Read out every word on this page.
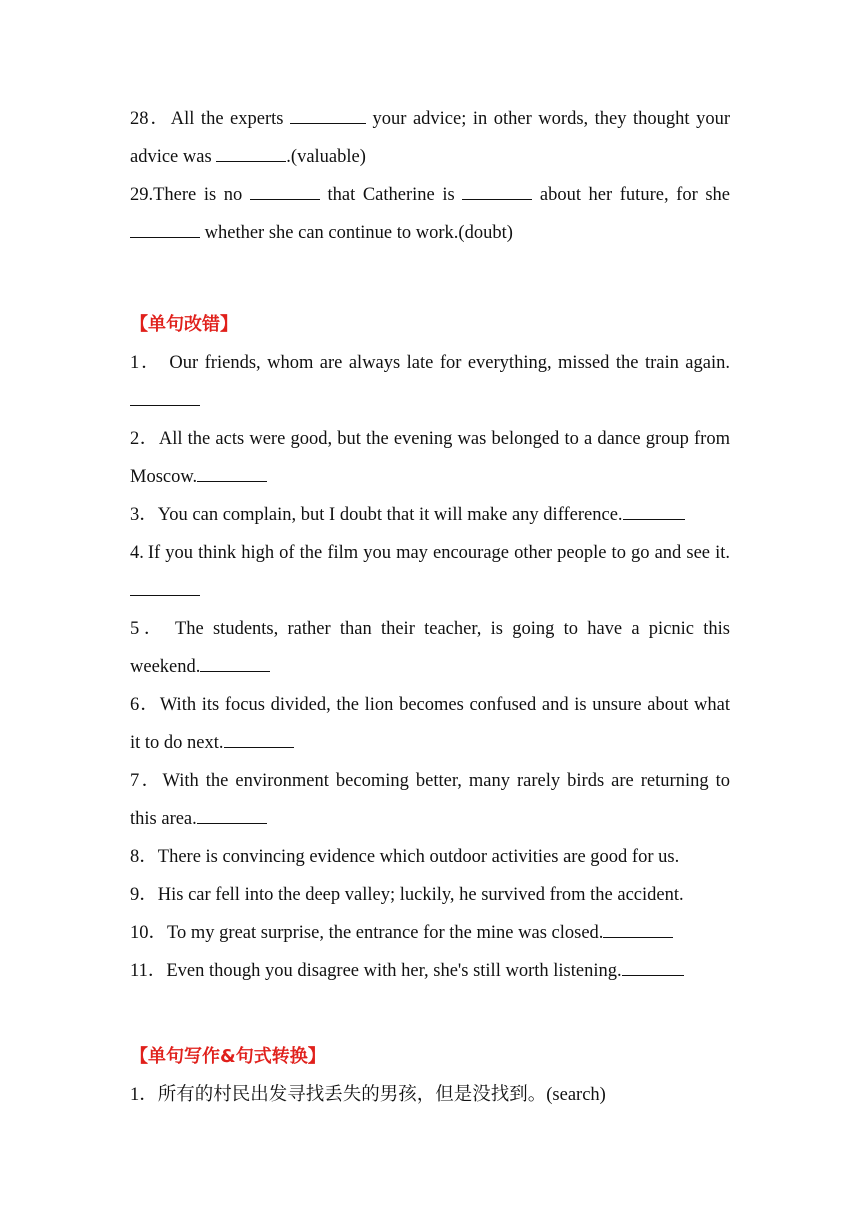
28．All the experts	your advice; in other words, they thought your advice was	.(valuable)

29.There is no	that Catherine is	about her future, for she  whether she can continue to work.(doubt)

【单句改错】

1． Our friends, whom are always late for everything, missed the train again.

2．All the acts were good, but the evening was belonged to a dance group from Moscow.

3．You can complain, but I doubt that it will make any difference.

4. If you think high of the film you may encourage other people to go and see it.

5． The students, rather than their teacher, is going to have a picnic this weekend.

6．With its focus divided, the lion becomes confused and is unsure about what it to do next.

7．With the environment becoming better, many rarely birds are returning to this area.

8．There is convincing evidence which outdoor activities are good for us.

9．His car fell into the deep valley; luckily, he survived from the accident.

10．To my great surprise, the entrance for the mine was closed.

11．Even though you disagree with her, she's still worth listening.

【单句写作&句式转换】

1．所有的村民出发寻找丢失的男孩，但是没找到。(search)
